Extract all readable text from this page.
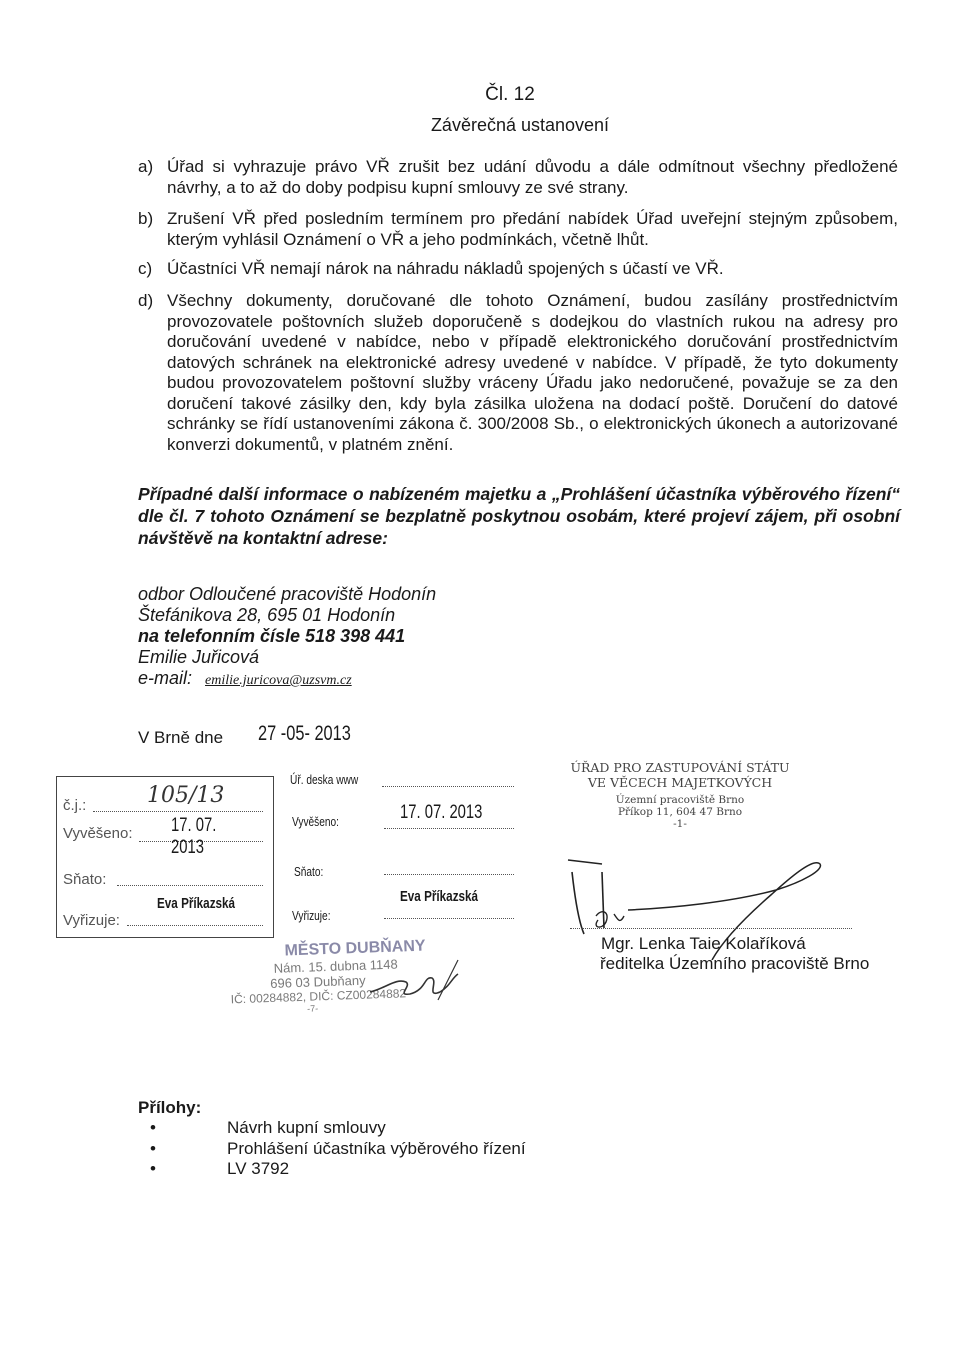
Čl. 12
Závěrečná ustanovení
a) Úřad si vyhrazuje právo VŘ zrušit bez udání důvodu a dále odmítnout všechny předložené návrhy, a to až do doby podpisu kupní smlouvy ze své strany.
b) Zrušení VŘ před posledním termínem pro předání nabídek Úřad uveřejní stejným způsobem, kterým vyhlásil Oznámení o VŘ a jeho podmínkách, včetně lhůt.
c) Účastníci VŘ nemají nárok na náhradu nákladů spojených s účastí ve VŘ.
d) Všechny dokumenty, doručované dle tohoto Oznámení, budou zasílány prostřednictvím provozovatele poštovních služeb doporučeně s dodejkou do vlastních rukou na adresy pro doručování uvedené v nabídce, nebo v případě elektronického doručování prostřednictvím datových schránek na elektronické adresy uvedené v nabídce. V případě, že tyto dokumenty budou provozovatelem poštovní služby vráceny Úřadu jako nedoručené, považuje se za den doručení takové zásilky den, kdy byla zásilka uložena na dodací poště. Doručení do datové schránky se řídí ustanoveními zákona č. 300/2008 Sb., o elektronických úkonech a autorizované konverzi dokumentů, v platném znění.
Případné další informace o nabízeném majetku a „Prohlášení účastníka výběrového řízení“ dle čl. 7 tohoto Oznámení se bezplatně poskytnou osobám, které projeví zájem, při osobní návštěvě na kontaktní adrese:
odbor Odloučené pracoviště Hodonín
Štefánikova 28, 695 01 Hodonín
na telefonním čísle 518 398 441
Emilie Juřicová
e-mail: emilie.juricova@uzsvm.cz
V Brně dne 27 -05- 2013
č.j.:	105/13
Vyvěšeno: 17. 07. 2013
Sňato:
Vyřizuje:
Eva Příkazská
Úř. deska www
Vyvěšeno:	17. 07. 2013
Sňato:
Vyřizuje:
Eva Příkazská
MĚSTO DUBŇANY
Nám. 15. dubna 1148
696 03 Dubňany
IČ: 00284882, DIČ: CZ00284882
-7-
ÚŘAD PRO ZASTUPOVÁNÍ STÁTU
VE VĚCECH MAJETKOVÝCH
Územní pracoviště Brno
Příkop 11, 604 47 Brno
-1-
Mgr. Lenka Taie Kolaříková
ředitelka Územního pracoviště Brno
Přílohy:
•	Návrh kupní smlouvy
•	Prohlášení účastníka výběrového řízení
•	LV 3792
